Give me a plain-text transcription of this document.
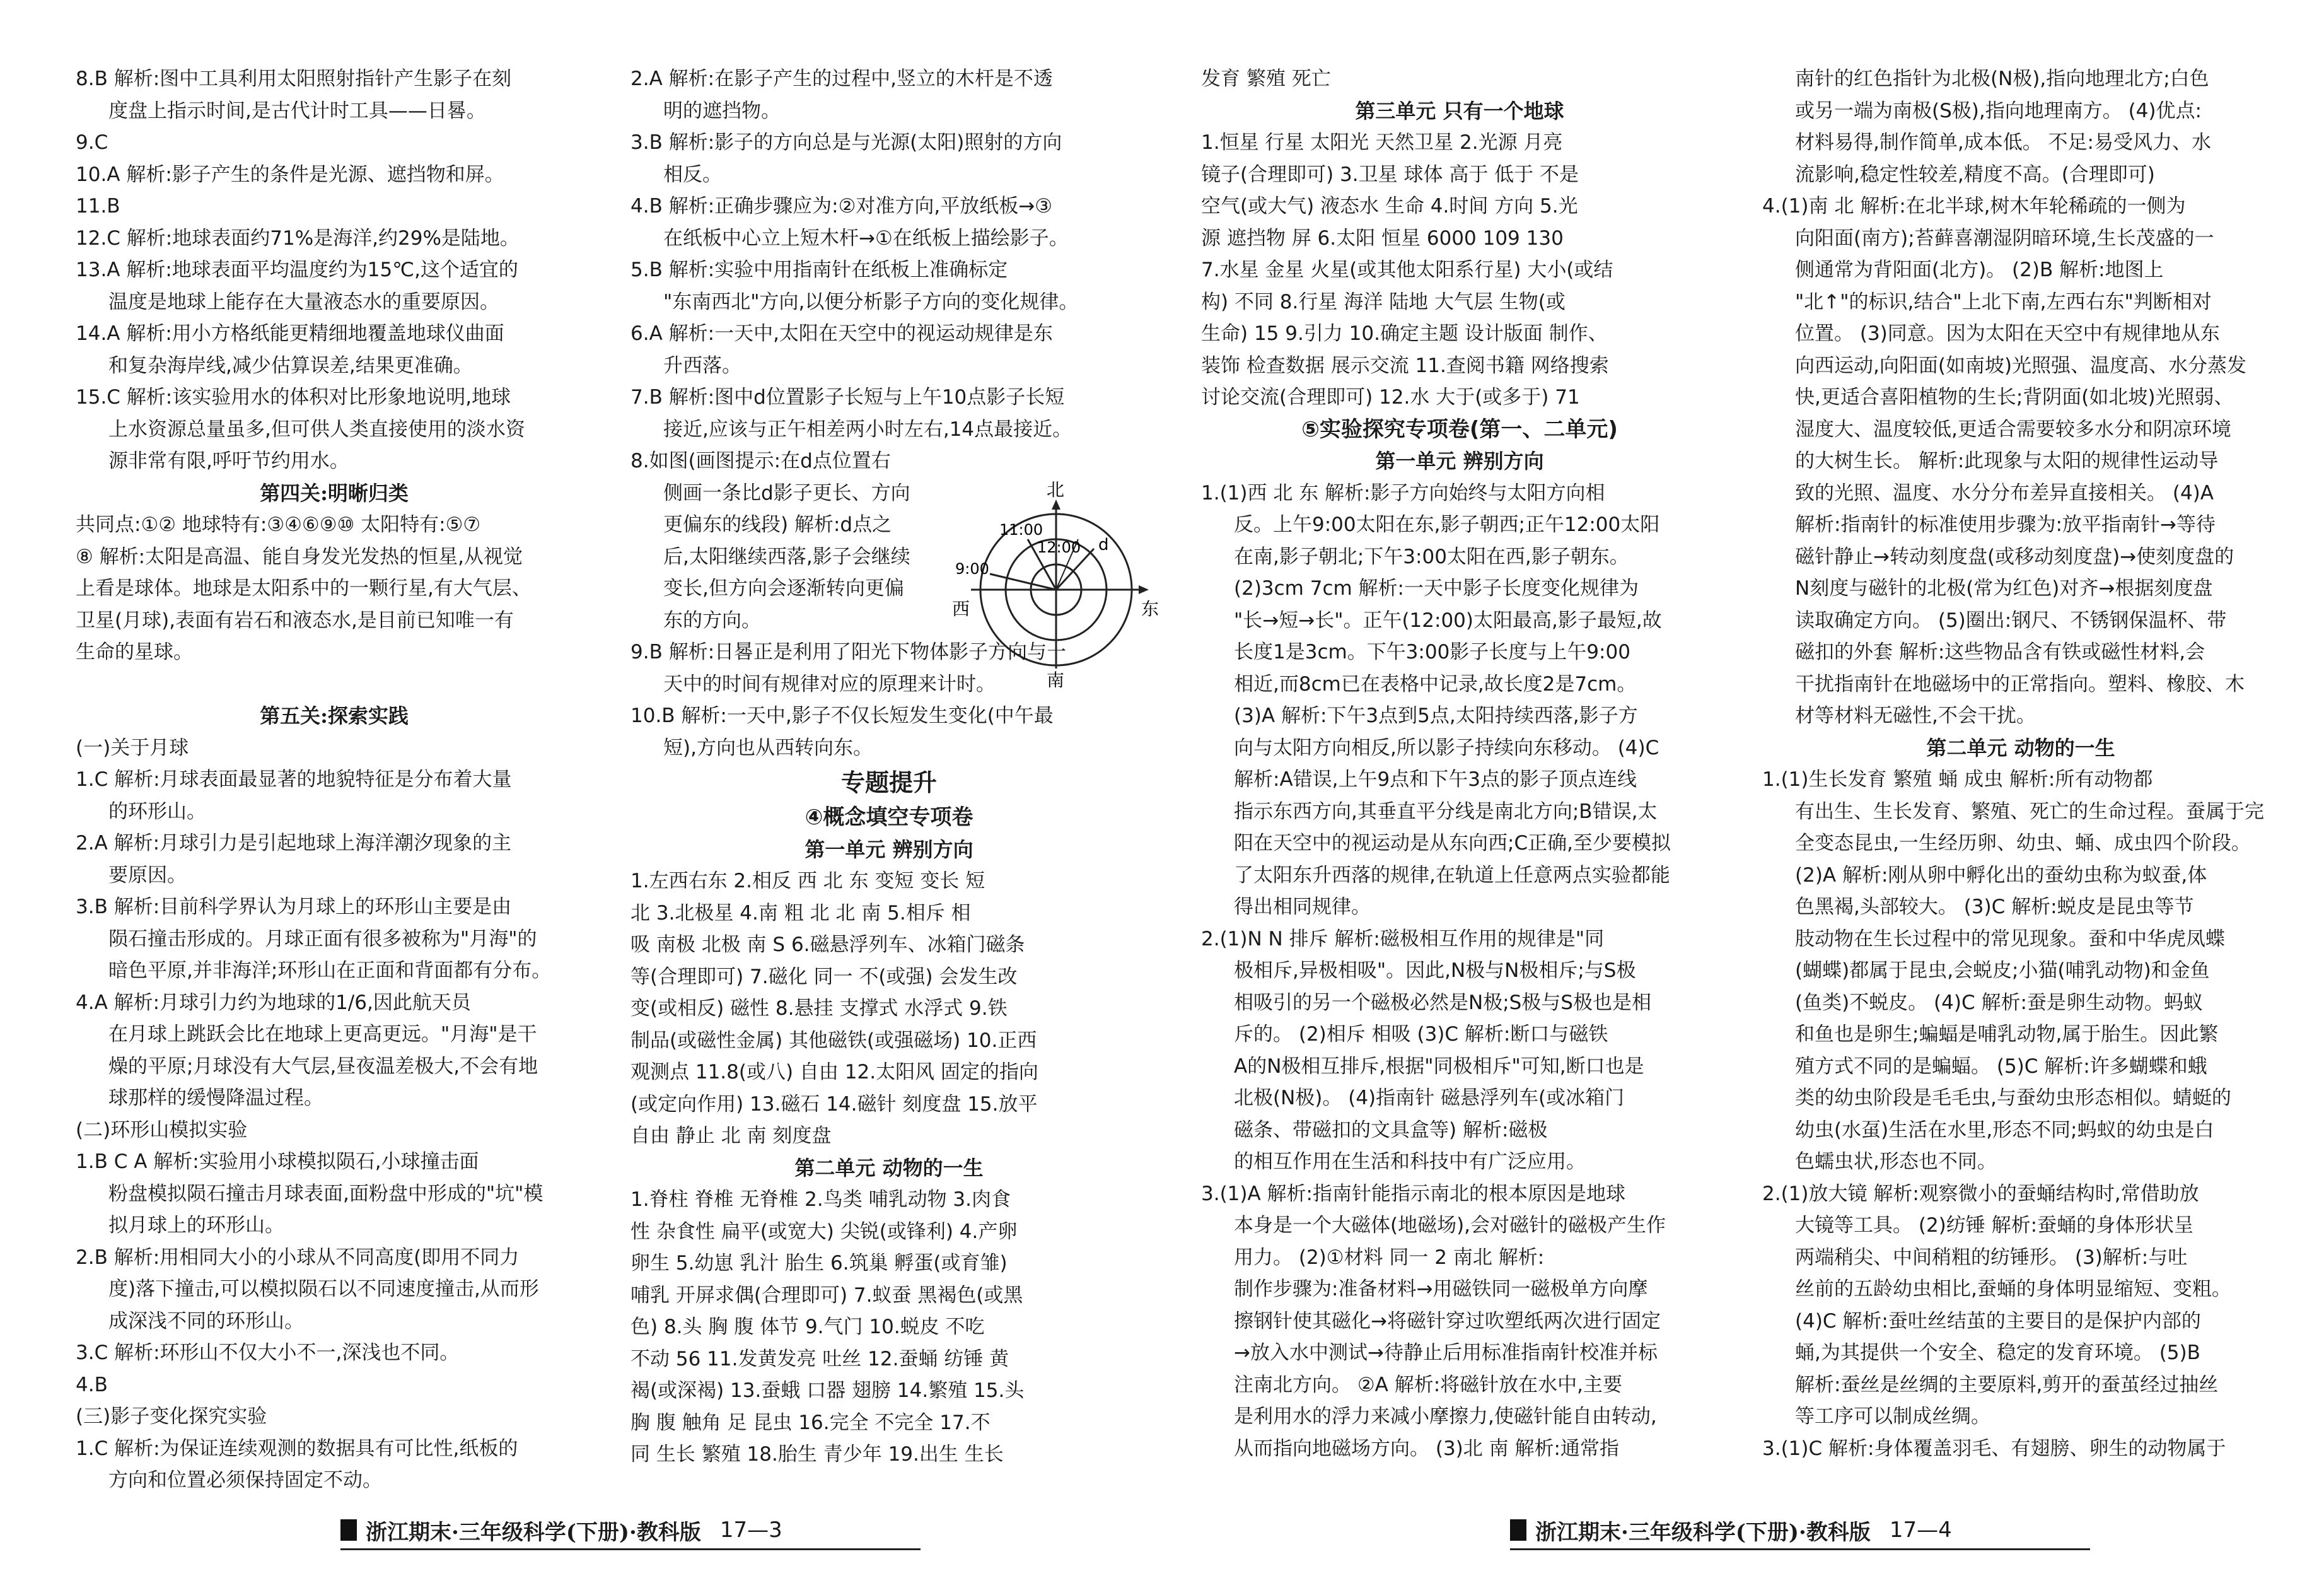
8.B 解析:图中工具利用太阳照射指针产生影子在刻

度盘上指示时间,是古代计时工具——日晷。

9.C

10.A 解析:影子产生的条件是光源、遮挡物和屏。

11.B

12.C 解析:地球表面约71%是海洋,约29%是陆地。

13.A 解析:地球表面平均温度约为15℃,这个适宜的

温度是地球上能存在大量液态水的重要原因。

14.A 解析:用小方格纸能更精细地覆盖地球仪曲面

和复杂海岸线,减少估算误差,结果更准确。

15.C 解析:该实验用水的体积对比形象地说明,地球

上水资源总量虽多,但可供人类直接使用的淡水资

源非常有限,呼吁节约用水。

第四关:明晰归类

共同点:①② 地球特有:③④⑥⑨⑩ 太阳特有:⑤⑦

⑧ 解析:太阳是高温、能自身发光发热的恒星,从视觉

上看是球体。地球是太阳系中的一颗行星,有大气层、

卫星(月球),表面有岩石和液态水,是目前已知唯一有

生命的星球。

第五关:探索实践

(一)关于月球

1.C 解析:月球表面最显著的地貌特征是分布着大量

的环形山。

2.A 解析:月球引力是引起地球上海洋潮汐现象的主

要原因。

3.B 解析:目前科学界认为月球上的环形山主要是由

陨石撞击形成的。月球正面有很多被称为"月海"的

暗色平原,并非海洋;环形山在正面和背面都有分布。

4.A 解析:月球引力约为地球的1/6,因此航天员

在月球上跳跃会比在地球上更高更远。"月海"是干

燥的平原;月球没有大气层,昼夜温差极大,不会有地

球那样的缓慢降温过程。

(二)环形山模拟实验

1.B C A 解析:实验用小球模拟陨石,小球撞击面

粉盘模拟陨石撞击月球表面,面粉盘中形成的"坑"模

拟月球上的环形山。

2.B 解析:用相同大小的小球从不同高度(即用不同力

度)落下撞击,可以模拟陨石以不同速度撞击,从而形

成深浅不同的环形山。

3.C 解析:环形山不仅大小不一,深浅也不同。

4.B

(三)影子变化探究实验

1.C 解析:为保证连续观测的数据具有可比性,纸板的

方向和位置必须保持固定不动。

2.A 解析:在影子产生的过程中,竖立的木杆是不透

明的遮挡物。

3.B 解析:影子的方向总是与光源(太阳)照射的方向

相反。

4.B 解析:正确步骤应为:②对准方向,平放纸板→③

在纸板中心立上短木杆→①在纸板上描绘影子。

5.B 解析:实验中用指南针在纸板上准确标定

"东南西北"方向,以便分析影子方向的变化规律。

6.A 解析:一天中,太阳在天空中的视运动规律是东

升西落。

7.B 解析:图中d位置影子长短与上午10点影子长短

接近,应该与正午相差两小时左右,14点最接近。

8.如图(画图提示:在d点位置右

侧画一条比d影子更长、方向

更偏东的线段) 解析:d点之

后,太阳继续西落,影子会继续

变长,但方向会逐渐转向更偏

东的方向。

9.B 解析:日晷正是利用了阳光下物体影子方向与一

天中的时间有规律对应的原理来计时。

10.B 解析:一天中,影子不仅长短发生变化(中午最

短),方向也从西转向东。

专题提升

④概念填空专项卷

第一单元 辨别方向

1.左西右东 2.相反 西 北 东 变短 变长 短

北 3.北极星 4.南 粗 北 北 南 5.相斥 相

吸 南极 北极 南 S 6.磁悬浮列车、冰箱门磁条

等(合理即可) 7.磁化 同一 不(或强) 会发生改

变(或相反) 磁性 8.悬挂 支撑式 水浮式 9.铁

制品(或磁性金属) 其他磁铁(或强磁场) 10.正西

观测点 11.8(或八) 自由 12.太阳风 固定的指向

(或定向作用) 13.磁石 14.磁针 刻度盘 15.放平

自由 静止 北 南 刻度盘

第二单元 动物的一生

1.脊柱 脊椎 无脊椎 2.鸟类 哺乳动物 3.肉食

性 杂食性 扁平(或宽大) 尖锐(或锋利) 4.产卵

卵生 5.幼崽 乳汁 胎生 6.筑巢 孵蛋(或育雏)

哺乳 开屏求偶(合理即可) 7.蚁蚕 黑褐色(或黑

色) 8.头 胸 腹 体节 9.气门 10.蜕皮 不吃

不动 56 11.发黄发亮 吐丝 12.蚕蛹 纺锤 黄

褐(或深褐) 13.蚕蛾 口器 翅膀 14.繁殖 15.头

胸 腹 触角 足 昆虫 16.完全 不完全 17.不

同 生长 繁殖 18.胎生 青少年 19.出生 生长

发育 繁殖 死亡

第三单元 只有一个地球

1.恒星 行星 太阳光 天然卫星 2.光源 月亮

镜子(合理即可) 3.卫星 球体 高于 低于 不是

空气(或大气) 液态水 生命 4.时间 方向 5.光

源 遮挡物 屏 6.太阳 恒星 6000 109 130

7.水星 金星 火星(或其他太阳系行星) 大小(或结

构) 不同 8.行星 海洋 陆地 大气层 生物(或

生命) 15 9.引力 10.确定主题 设计版面 制作、

装饰 检查数据 展示交流 11.查阅书籍 网络搜索

讨论交流(合理即可) 12.水 大于(或多于) 71

⑤实验探究专项卷(第一、二单元)

第一单元 辨别方向

1.(1)西 北 东 解析:影子方向始终与太阳方向相

反。上午9:00太阳在东,影子朝西;正午12:00太阳

在南,影子朝北;下午3:00太阳在西,影子朝东。

(2)3cm 7cm 解析:一天中影子长度变化规律为

"长→短→长"。正午(12:00)太阳最高,影子最短,故

长度1是3cm。下午3:00影子长度与上午9:00

相近,而8cm已在表格中记录,故长度2是7cm。

(3)A 解析:下午3点到5点,太阳持续西落,影子方

向与太阳方向相反,所以影子持续向东移动。 (4)C

解析:A错误,上午9点和下午3点的影子顶点连线

指示东西方向,其垂直平分线是南北方向;B错误,太

阳在天空中的视运动是从东向西;C正确,至少要模拟

了太阳东升西落的规律,在轨道上任意两点实验都能

得出相同规律。

2.(1)N N 排斥 解析:磁极相互作用的规律是"同

极相斥,异极相吸"。因此,N极与N极相斥;与S极

相吸引的另一个磁极必然是N极;S极与S极也是相

斥的。 (2)相斥 相吸 (3)C 解析:断口与磁铁

A的N极相互排斥,根据"同极相斥"可知,断口也是

北极(N极)。 (4)指南针 磁悬浮列车(或冰箱门

磁条、带磁扣的文具盒等) 解析:磁极

的相互作用在生活和科技中有广泛应用。

3.(1)A 解析:指南针能指示南北的根本原因是地球

本身是一个大磁体(地磁场),会对磁针的磁极产生作

用力。 (2)①材料 同一 2 南北 解析:

制作步骤为:准备材料→用磁铁同一磁极单方向摩

擦钢针使其磁化→将磁针穿过吹塑纸两次进行固定

→放入水中测试→待静止后用标准指南针校准并标

注南北方向。 ②A 解析:将磁针放在水中,主要

是利用水的浮力来减小摩擦力,使磁针能自由转动,

从而指向地磁场方向。 (3)北 南 解析:通常指

南针的红色指针为北极(N极),指向地理北方;白色

或另一端为南极(S极),指向地理南方。 (4)优点:

材料易得,制作简单,成本低。 不足:易受风力、水

流影响,稳定性较差,精度不高。(合理即可)

4.(1)南 北 解析:在北半球,树木年轮稀疏的一侧为

向阳面(南方);苔藓喜潮湿阴暗环境,生长茂盛的一

侧通常为背阳面(北方)。 (2)B 解析:地图上

"北↑"的标识,结合"上北下南,左西右东"判断相对

位置。 (3)同意。因为太阳在天空中有规律地从东

向西运动,向阳面(如南坡)光照强、温度高、水分蒸发

快,更适合喜阳植物的生长;背阴面(如北坡)光照弱、

湿度大、温度较低,更适合需要较多水分和阴凉环境

的大树生长。 解析:此现象与太阳的规律性运动导

致的光照、温度、水分分布差异直接相关。 (4)A

解析:指南针的标准使用步骤为:放平指南针→等待

磁针静止→转动刻度盘(或移动刻度盘)→使刻度盘的

N刻度与磁针的北极(常为红色)对齐→根据刻度盘

读取确定方向。 (5)圈出:钢尺、不锈钢保温杯、带

磁扣的外套 解析:这些物品含有铁或磁性材料,会

干扰指南针在地磁场中的正常指向。塑料、橡胶、木

材等材料无磁性,不会干扰。

第二单元 动物的一生

1.(1)生长发育 繁殖 蛹 成虫 解析:所有动物都

有出生、生长发育、繁殖、死亡的生命过程。蚕属于完

全变态昆虫,一生经历卵、幼虫、蛹、成虫四个阶段。

(2)A 解析:刚从卵中孵化出的蚕幼虫称为蚁蚕,体

色黑褐,头部较大。 (3)C 解析:蜕皮是昆虫等节

肢动物在生长过程中的常见现象。蚕和中华虎凤蝶

(蝴蝶)都属于昆虫,会蜕皮;小猫(哺乳动物)和金鱼

(鱼类)不蜕皮。 (4)C 解析:蚕是卵生动物。蚂蚁

和鱼也是卵生;蝙蝠是哺乳动物,属于胎生。因此繁

殖方式不同的是蝙蝠。 (5)C 解析:许多蝴蝶和蛾

类的幼虫阶段是毛毛虫,与蚕幼虫形态相似。蜻蜓的

幼虫(水虿)生活在水里,形态不同;蚂蚁的幼虫是白

色蠕虫状,形态也不同。

2.(1)放大镜 解析:观察微小的蚕蛹结构时,常借助放

大镜等工具。 (2)纺锤 解析:蚕蛹的身体形状呈

两端稍尖、中间稍粗的纺锤形。 (3)解析:与吐

丝前的五龄幼虫相比,蚕蛹的身体明显缩短、变粗。

(4)C 解析:蚕吐丝结茧的主要目的是保护内部的

蛹,为其提供一个安全、稳定的发育环境。 (5)B

解析:蚕丝是丝绸的主要原料,剪开的蚕茧经过抽丝

等工序可以制成丝绸。

3.(1)C 解析:身体覆盖羽毛、有翅膀、卵生的动物属于

北
南
东
西
11:00
12:00
9:00
d
浙江期末·三年级科学(下册)·教科版 17—3	浙江期末·三年级科学(下册)·教科版 17—4
